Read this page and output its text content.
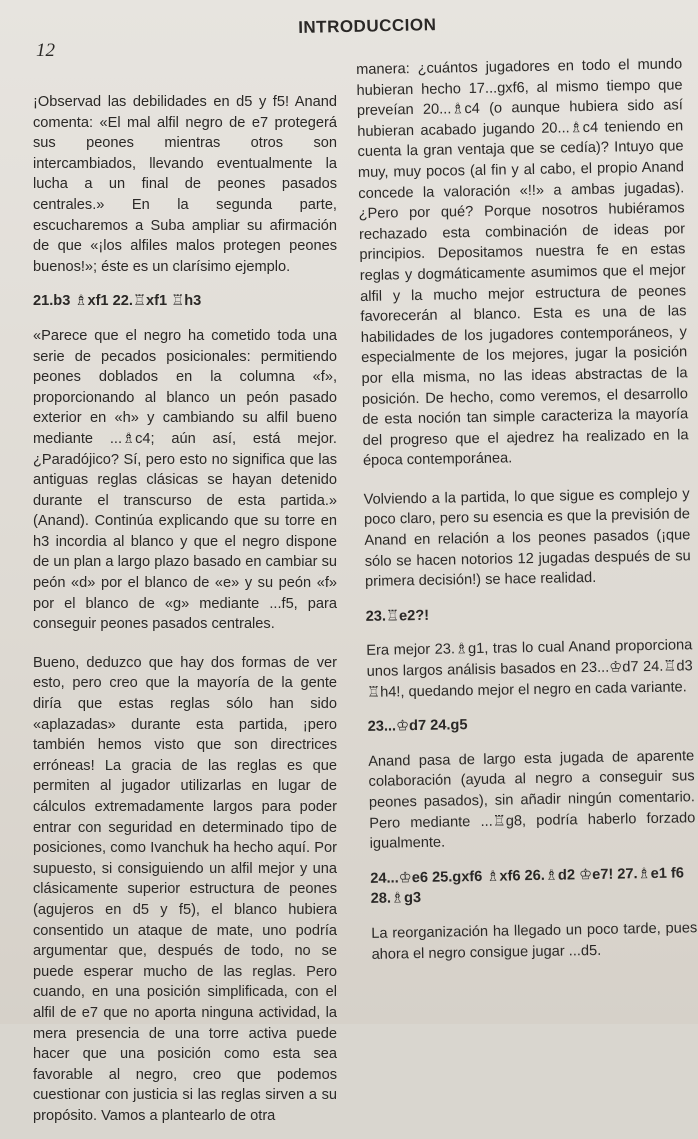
12
INTRODUCCION

¡Observad las debilidades en d5 y f5! Anand comenta: «El mal alfil negro de e7 protegerá sus peones mientras otros son intercambiados, llevando eventualmente la lucha a un final de peones pasados centrales.» En la segunda parte, escucharemos a Suba ampliar su afirmación de que «¡los alfiles malos protegen peones buenos!»; éste es un clarísimo ejemplo.

21.b3 ♗xf1 22.♖xf1 ♖h3

«Parece que el negro ha cometido toda una serie de pecados posicionales: permitiendo peones doblados en la columna «f», proporcionando al blanco un peón pasado exterior en «h» y cambiando su alfil bueno mediante ...♗c4; aún así, está mejor. ¿Paradójico? Sí, pero esto no significa que las antiguas reglas clásicas se hayan detenido durante el transcurso de esta partida.» (Anand). Continúa explicando que su torre en h3 incordia al blanco y que el negro dispone de un plan a largo plazo basado en cambiar su peón «d» por el blanco de «e» y su peón «f» por el blanco de «g» mediante ...f5, para conseguir peones pasados centrales.

Bueno, deduzco que hay dos formas de ver esto, pero creo que la mayoría de la gente diría que estas reglas sólo han sido «aplazadas» durante esta partida, ¡pero también hemos visto que son directrices erróneas! La gracia de las reglas es que permiten al jugador utilizarlas en lugar de cálculos extremadamente largos para poder entrar con seguridad en determinado tipo de posiciones, como Ivanchuk ha hecho aquí. Por supuesto, si consiguiendo un alfil mejor y una clásicamente superior estructura de peones (agujeros en d5 y f5), el blanco hubiera consentido un ataque de mate, uno podría argumentar que, después de todo, no se puede esperar mucho de las reglas. Pero cuando, en una posición simplificada, con el alfil de e7 que no aporta ninguna actividad, la mera presencia de una torre activa puede hacer que una posición como esta sea favorable al negro, creo que podemos cuestionar con justicia si las reglas sirven a su propósito. Vamos a plantearlo de otra

manera: ¿cuántos jugadores en todo el mundo hubieran hecho 17...gxf6, al mismo tiempo que preveían 20...♗c4 (o aunque hubiera sido así hubieran acabado jugando 20...♗c4 teniendo en cuenta la gran ventaja que se cedía)? Intuyo que muy, muy pocos (al fin y al cabo, el propio Anand concede la valoración «!!» a ambas jugadas). ¿Pero por qué? Porque nosotros hubiéramos rechazado esta combinación de ideas por principios. Depositamos nuestra fe en estas reglas y dogmáticamente asumimos que el mejor alfil y la mucho mejor estructura de peones favorecerán al blanco. Esta es una de las habilidades de los jugadores contemporáneos, y especialmente de los mejores, jugar la posición por ella misma, no las ideas abstractas de la posición. De hecho, como veremos, el desarrollo de esta noción tan simple caracteriza la mayoría del progreso que el ajedrez ha realizado en la época contemporánea.

Volviendo a la partida, lo que sigue es complejo y poco claro, pero su esencia es que la previsión de Anand en relación a los peones pasados (¡que sólo se hacen notorios 12 jugadas después de su primera decisión!) se hace realidad.

23.♖e2?!

Era mejor 23.♗g1, tras lo cual Anand proporciona unos largos análisis basados en 23...♔d7 24.♖d3 ♖h4!, quedando mejor el negro en cada variante.

23...♔d7 24.g5

Anand pasa de largo esta jugada de aparente colaboración (ayuda al negro a conseguir sus peones pasados), sin añadir ningún comentario. Pero mediante ...♖g8, podría haberlo forzado igualmente.

24...♔e6 25.gxf6 ♗xf6 26.♗d2 ♔e7! 27.♗e1 f6 28.♗g3

La reorganización ha llegado un poco tarde, pues ahora el negro consigue jugar ...d5.
